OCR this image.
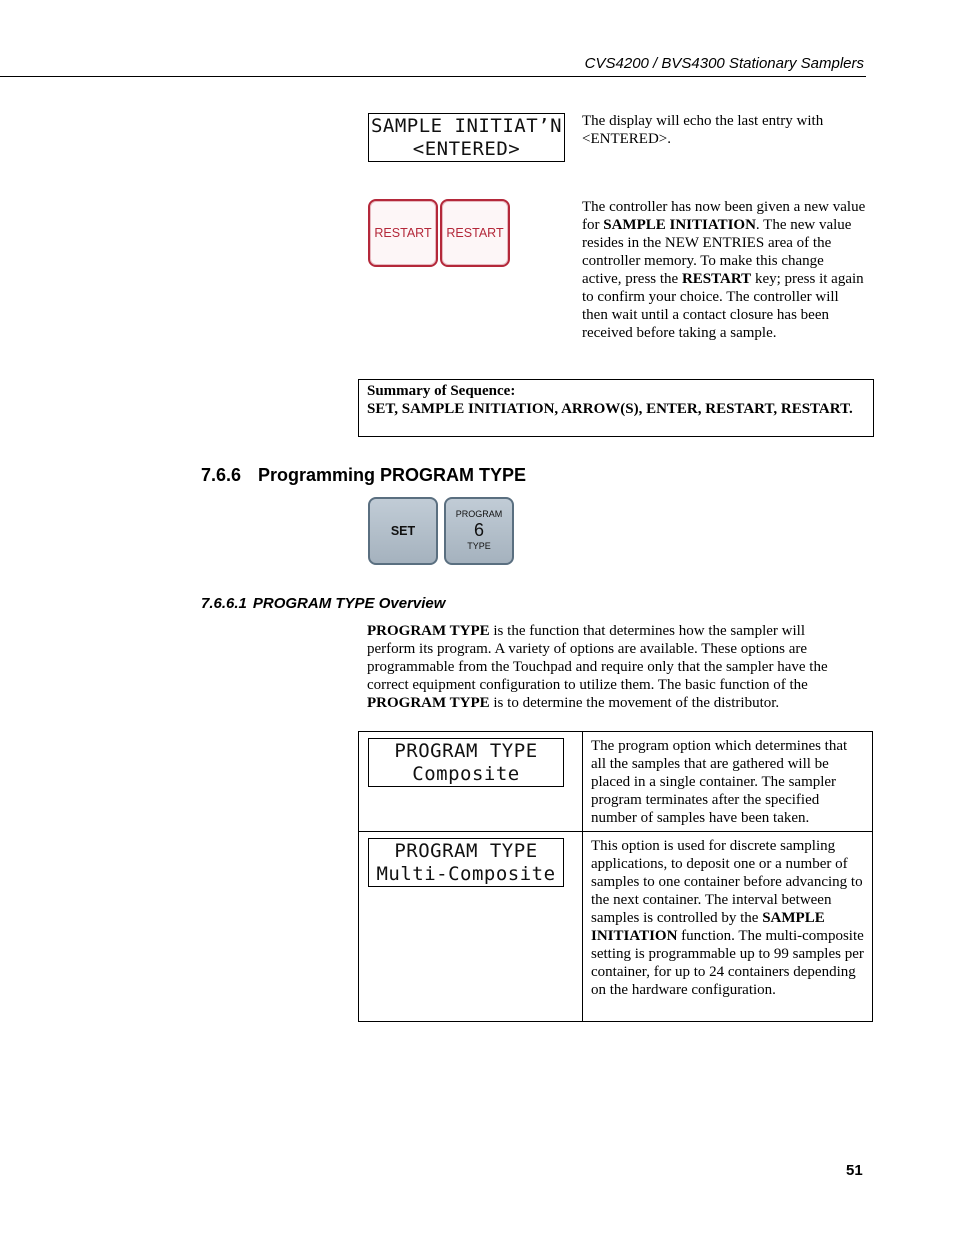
CVS4200 / BVS4300 Stationary Samplers
SAMPLE INITIAT’N
<ENTERED>
The display will echo the last entry with <ENTERED>.
RESTART RESTART
The controller has now been given a new value for SAMPLE INITIATION. The new value resides in the NEW ENTRIES area of the controller memory. To make this change active, press the RESTART key; press it again to confirm your choice. The controller will then wait until a contact closure has been received before taking a sample.
Summary of Sequence:
SET, SAMPLE INITIATION, ARROW(S), ENTER, RESTART, RESTART.
7.6.6 Programming PROGRAM TYPE
SET
PROGRAM
6
TYPE
7.6.6.1 PROGRAM TYPE Overview
PROGRAM TYPE is the function that determines how the sampler will perform its program. A variety of options are available. These options are programmable from the Touchpad and require only that the sampler have the correct equipment configuration to utilize them. The basic function of the PROGRAM TYPE is to determine the movement of the distributor.
PROGRAM TYPE
Composite	The program option which determines that all the samples that are gathered will be placed in a single container. The sampler program terminates after the specified number of samples have been taken.

PROGRAM TYPE
Multi-Composite	This option is used for discrete sampling applications, to deposit one or a number of samples to one container before advancing to the next container. The interval between samples is controlled by the SAMPLE INITIATION function. The multi-composite setting is programmable up to 99 samples per container, for up to 24 containers depending on the hardware configuration.
51
